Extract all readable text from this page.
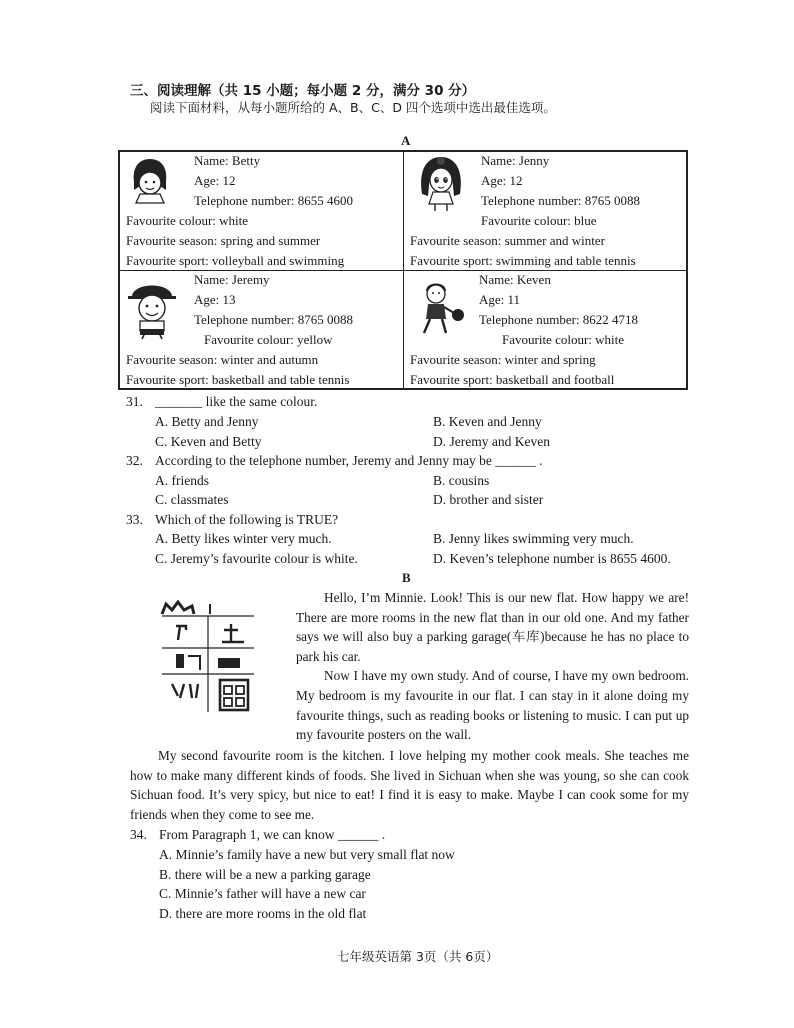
三、阅读理解（共 15 小题；每小题 2 分，满分 30 分）
阅读下面材料，从每小题所给的 A、B、C、D 四个选项中选出最佳选项。
A
Name: Betty
Age: 12
Telephone number: 8655 4600
Favourite colour: white
Favourite season: spring and summer
Favourite sport: volleyball and swimming
Name: Jenny
Age: 12
Telephone number: 8765 0088
Favourite colour: blue
Favourite season: summer and winter
Favourite sport: swimming and table tennis
Name: Jeremy
Age: 13
Telephone number: 8765 0088
Favourite colour: yellow
Favourite season: winter and autumn
Favourite sport: basketball and table tennis
Name: Keven
Age: 11
Telephone number: 8622 4718
Favourite colour: white
Favourite season: winter and spring
Favourite sport: basketball and football
31. _______ like the same colour.
A. Betty and Jenny	B. Keven and Jenny
C. Keven and Betty	D. Jeremy and Keven
32. According to the telephone number, Jeremy and Jenny may be ______ .
A. friends	B. cousins
C. classmates	D. brother and sister
33. Which of the following is TRUE?
A. Betty likes winter very much.	B. Jenny likes swimming very much.
C. Jeremy’s favourite colour is white.	D. Keven’s telephone number is 8655 4600.
B

Hello, I’m Minnie. Look! This is our new flat. How happy we are! There are more rooms in the new flat than in our old one. And my father says we will also buy a parking garage(车库)because he has no place to park his car.

Now I have my own study. And of course, I have my own bedroom. My bedroom is my favourite in our flat. I can stay in it alone doing my favourite things, such as reading books or listening to music. I can put up my favourite posters on the wall.

My second favourite room is the kitchen. I love helping my mother cook meals. She teaches me how to make many different kinds of foods. She lived in Sichuan when she was young, so she can cook Sichuan food. It’s very spicy, but nice to eat! I find it is easy to make. Maybe I can cook some for my friends when they come to see me.

34. From Paragraph 1, we can know ______ .
A. Minnie’s family have a new but very small flat now
B. there will be a new a parking garage
C. Minnie’s father will have a new car
D. there are more rooms in the old flat
七年级英语第 3页（共 6页）
